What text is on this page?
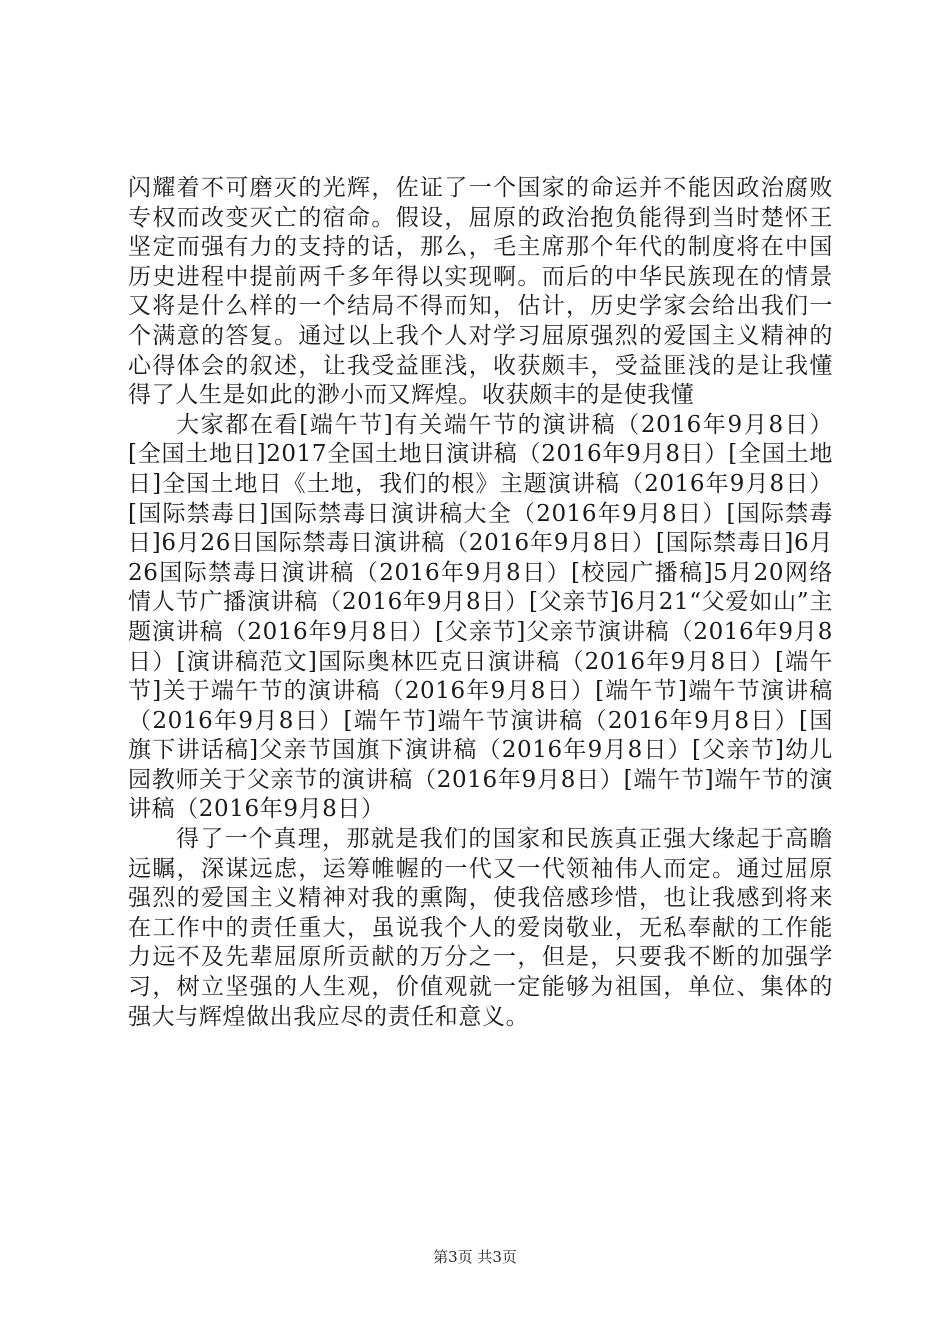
闪耀着不可磨灭的光辉，佐证了一个国家的命运并不能因政治腐败专权而改变灭亡的宿命。假设，屈原的政治抱负能得到当时楚怀王坚定而强有力的支持的话，那么，毛主席那个年代的制度将在中国历史进程中提前两千多年得以实现啊。而后的中华民族现在的情景又将是什么样的一个结局不得而知，估计，历史学家会给出我们一个满意的答复。通过以上我个人对学习屈原强烈的爱国主义精神的心得体会的叙述，让我受益匪浅，收获颇丰，受益匪浅的是让我懂得了人生是如此的渺小而又辉煌。收获颇丰的是使我懂

大家都在看[端午节]有关端午节的演讲稿（2016年9月8日）[全国土地日]2017全国土地日演讲稿（2016年9月8日）[全国土地日]全国土地日《土地，我们的根》主题演讲稿（2016年9月8日）[国际禁毒日]国际禁毒日演讲稿大全（2016年9月8日）[国际禁毒日]6月26日国际禁毒日演讲稿（2016年9月8日）[国际禁毒日]6月26国际禁毒日演讲稿（2016年9月8日）[校园广播稿]5月20网络情人节广播演讲稿（2016年9月8日）[父亲节]6月21“父爱如山”主题演讲稿（2016年9月8日）[父亲节]父亲节演讲稿（2016年9月8日）[演讲稿范文]国际奥林匹克日演讲稿（2016年9月8日）[端午节]关于端午节的演讲稿（2016年9月8日）[端午节]端午节演讲稿（2016年9月8日）[端午节]端午节演讲稿（2016年9月8日）[国旗下讲话稿]父亲节国旗下演讲稿（2016年9月8日）[父亲节]幼儿园教师关于父亲节的演讲稿（2016年9月8日）[端午节]端午节的演讲稿（2016年9月8日）

得了一个真理，那就是我们的国家和民族真正强大缘起于高瞻远瞩，深谋远虑，运筹帷幄的一代又一代领袖伟人而定。通过屈原强烈的爱国主义精神对我的熏陶，使我倍感珍惜，也让我感到将来在工作中的责任重大，虽说我个人的爱岗敬业，无私奉献的工作能力远不及先辈屈原所贡献的万分之一，但是，只要我不断的加强学习，树立坚强的人生观，价值观就一定能够为祖国，单位、集体的强大与辉煌做出我应尽的责任和意义。

第3页 共3页
